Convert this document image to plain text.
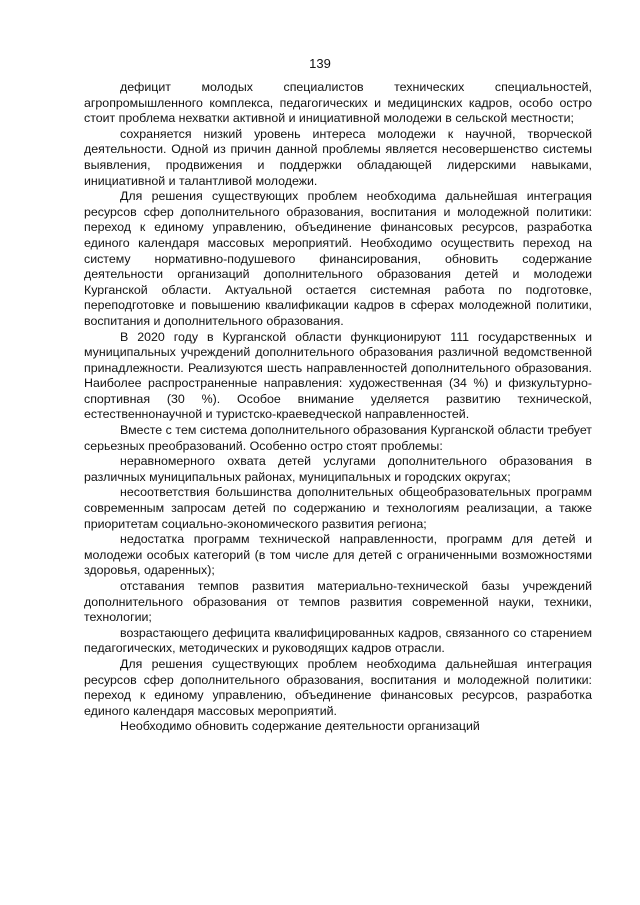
139

дефицит молодых специалистов технических специальностей, агропромышленного комплекса, педагогических и медицинских кадров, особо остро стоит проблема нехватки активной и инициативной молодежи в сельской местности;

сохраняется низкий уровень интереса молодежи к научной, творческой деятельности. Одной из причин данной проблемы является несовершенство системы выявления, продвижения и поддержки обладающей лидерскими навыками, инициативной и талантливой молодежи.

Для решения существующих проблем необходима дальнейшая интеграция ресурсов сфер дополнительного образования, воспитания и молодежной политики: переход к единому управлению, объединение финансовых ресурсов, разработка единого календаря массовых мероприятий. Необходимо осуществить переход на систему нормативно-подушевого финансирования, обновить содержание деятельности организаций дополнительного образования детей и молодежи Курганской области. Актуальной остается системная работа по подготовке, переподготовке и повышению квалификации кадров в сферах молодежной политики, воспитания и дополнительного образования.

В 2020 году в Курганской области функционируют 111 государственных и муниципальных учреждений дополнительного образования различной ведомственной принадлежности. Реализуются шесть направленностей дополнительного образования. Наиболее распространенные направления: художественная (34 %) и физкультурно-спортивная (30 %). Особое внимание уделяется развитию технической, естественнонаучной и туристско-краеведческой направленностей.

Вместе с тем система дополнительного образования Курганской области требует серьезных преобразований. Особенно остро стоят проблемы:

неравномерного охвата детей услугами дополнительного образования в различных муниципальных районах, муниципальных и городских округах;

несоответствия большинства дополнительных общеобразовательных программ современным запросам детей по содержанию и технологиям реализации, а также приоритетам социально-экономического развития региона;

недостатка программ технической направленности, программ для детей и молодежи особых категорий (в том числе для детей с ограниченными возможностями здоровья, одаренных);

отставания темпов развития материально-технической базы учреждений дополнительного образования от темпов развития современной науки, техники, технологии;

возрастающего дефицита квалифицированных кадров, связанного со старением педагогических, методических и руководящих кадров отрасли.

Для решения существующих проблем необходима дальнейшая интеграция ресурсов сфер дополнительного образования, воспитания и молодежной политики: переход к единому управлению, объединение финансовых ресурсов, разработка единого календаря массовых мероприятий.

Необходимо обновить содержание деятельности организаций
